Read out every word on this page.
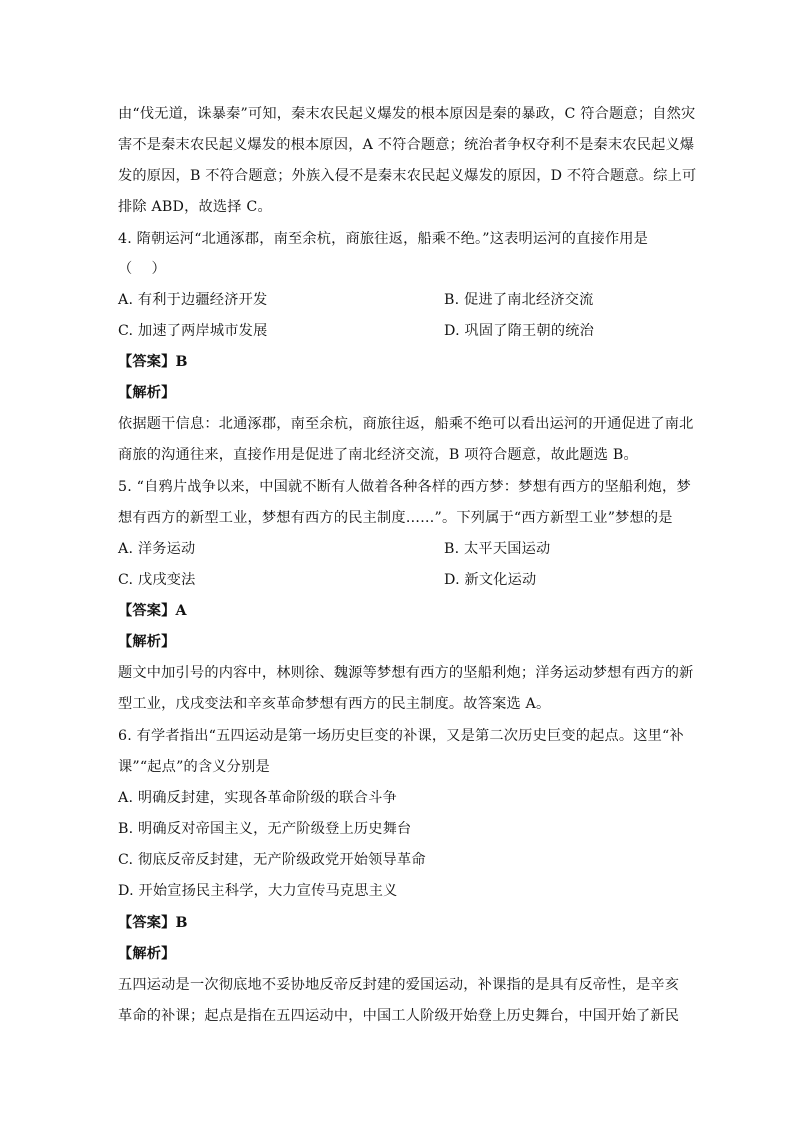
由“伐无道，诛暴秦”可知，秦末农民起义爆发的根本原因是秦的暴政，C 符合题意；自然灾
害不是秦末农民起义爆发的根本原因，A 不符合题意；统治者争权夺利不是秦末农民起义爆
发的原因，B 不符合题意；外族入侵不是秦末农民起义爆发的原因，D 不符合题意。综上可
排除 ABD，故选择 C。
4. 隋朝运河“北通涿郡，南至余杭，商旅往返，船乘不绝。”这表明运河的直接作用是
（　 ）
A. 有利于边疆经济开发	B. 促进了南北经济交流
C. 加速了两岸城市发展	D. 巩固了隋王朝的统治
【答案】B
【解析】
依据题干信息：北通涿郡，南至余杭，商旅往返，船乘不绝可以看出运河的开通促进了南北
商旅的沟通往来，直接作用是促进了南北经济交流，B 项符合题意，故此题选 B。
5. “自鸦片战争以来，中国就不断有人做着各种各样的西方梦：梦想有西方的坚船利炮，梦
想有西方的新型工业，梦想有西方的民主制度……”。下列属于“西方新型工业”梦想的是
A. 洋务运动	B. 太平天国运动
C. 戊戌变法	D. 新文化运动
【答案】A
【解析】
题文中加引号的内容中，林则徐、魏源等梦想有西方的坚船利炮；洋务运动梦想有西方的新
型工业，戊戌变法和辛亥革命梦想有西方的民主制度。故答案选 A。
6. 有学者指出“五四运动是第一场历史巨变的补课，又是第二次历史巨变的起点。这里“补
课”“起点”的含义分别是
A. 明确反封建，实现各革命阶级的联合斗争
B. 明确反对帝国主义，无产阶级登上历史舞台
C. 彻底反帝反封建，无产阶级政党开始领导革命
D. 开始宣扬民主科学，大力宣传马克思主义
【答案】B
【解析】
五四运动是一次彻底地不妥协地反帝反封建的爱国运动，补课指的是具有反帝性，是辛亥
革命的补课；起点是指在五四运动中，中国工人阶级开始登上历史舞台，中国开始了新民
